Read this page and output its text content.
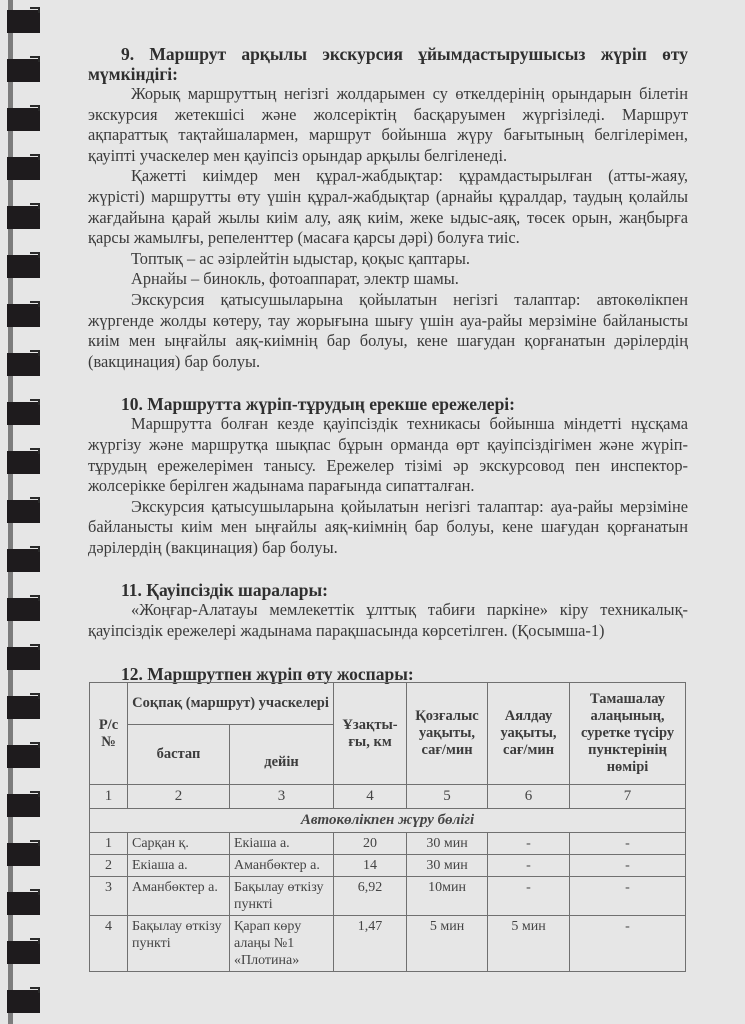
9. Маршрут арқылы экскурсия ұйымдастырушысыз жүріп өту мүмкіндігі:

Жорық маршруттың негізгі жолдарымен су өткелдерінің орындарын білетін экскурсия жетекшісі және жолсеріктің басқаруымен жүргізіледі. Маршрут ақпараттық тақтайшалармен, маршрут бойынша жүру бағытының белгілерімен, қауіпті учаскелер мен қауіпсіз орындар арқылы белгіленеді.

Қажетті киімдер мен құрал-жабдықтар: құрамдастырылған (атты-жаяу, жүрісті) маршрутты өту үшін құрал-жабдықтар (арнайы құралдар, таудың қолайлы жағдайына қарай жылы киім алу, аяқ киім, жеке ыдыс-аяқ, төсек орын, жаңбырға қарсы жамылғы, репеленттер (масаға қарсы дәрі) болуға тиіс.

Топтық – ас әзірлейтін ыдыстар, қоқыс қаптары.

Арнайы – бинокль, фотоаппарат, электр шамы.

Экскурсия қатысушыларына қойылатын негізгі талаптар: автокөлікпен жүргенде жолды көтеру, тау жорығына шығу үшін ауа-райы мерзіміне байланысты киім мен ыңғайлы аяқ-киімнің бар болуы, кене шағудан қорғанатын дәрілердің (вакцинация) бар болуы.

10. Маршрутта жүріп-тұрудың ерекше ережелері:

Маршрутта болған кезде қауіпсіздік техникасы бойынша міндетті нұсқама жүргізу және маршрутқа шықпас бұрын орманда өрт қауіпсіздігімен және жүріп-тұрудың ережелерімен танысу. Ережелер тізімі әр экскурсовод пен инспектор-жолсерікке берілген жадынама парағында сипатталған.

Экскурсия қатысушыларына қойылатын негізгі талаптар: ауа-райы мерзіміне байланысты киім мен ыңғайлы аяқ-киімнің бар болуы, кене шағудан қорғанатын дәрілердің (вакцинация) бар болуы.

11. Қауіпсіздік шаралары:

«Жоңғар-Алатауы мемлекеттік ұлттық табиғи паркіне» кіру техникалық-қауіпсіздік ережелері жадынама парақшасында көрсетілген. (Қосымша-1)

12. Маршрутпен жүріп өту жоспары:
Р/с №	Соқпақ (маршрут) учаскелері		Ұзақты-ғы, км	Қозғалыс уақыты, сағ/мин	Аялдау уақыты, сағ/мин	Тамашалау алаңының, суретке түсіру пунктерінің нөмірі
	бастап	дейін				
1	2	3	4	5	6	7
Автокөлікпен жүру бөлігі						
1	Сарқан қ.	Екіаша а.	20	30 мин	-	-
2	Екіаша а.	Аманбөктер а.	14	30 мин	-	-
3	Аманбөктер а.	Бақылау өткізу пункті	6,92	10мин	-	-
4	Бақылау өткізу пункті	Қарап көру алаңы №1 «Плотина»	1,47	5 мин	5 мин	-
